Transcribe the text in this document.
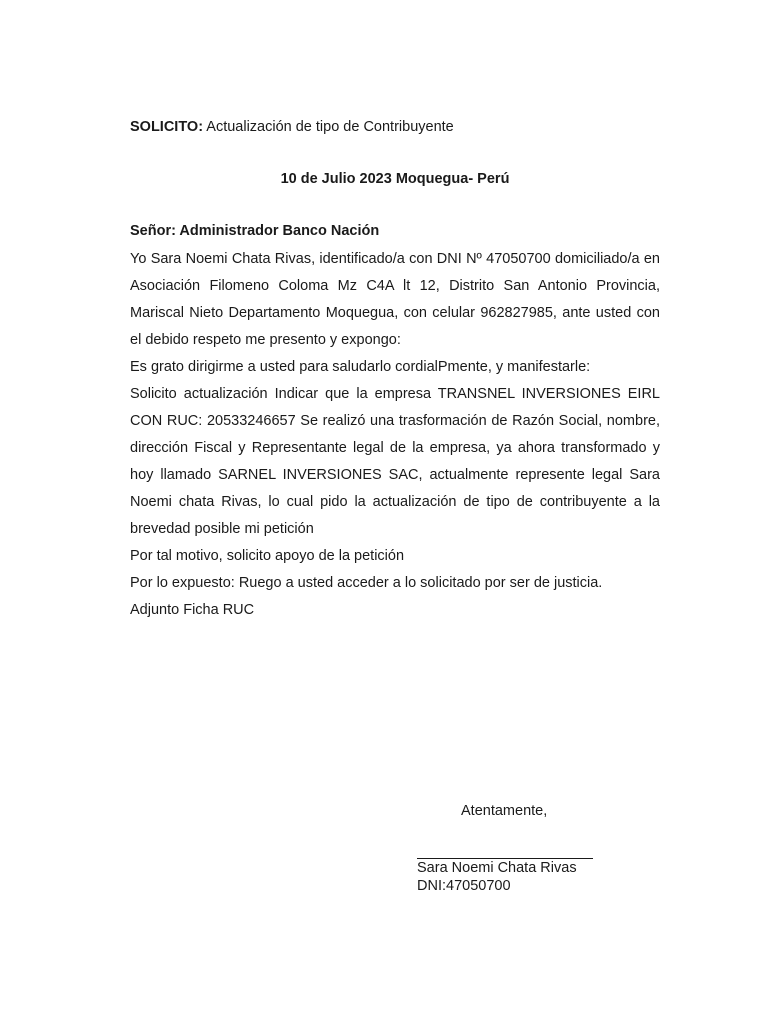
SOLICITO: Actualización de tipo de Contribuyente
10 de Julio 2023 Moquegua- Perú
Señor: Administrador Banco Nación

Yo Sara Noemi Chata Rivas, identificado/a con DNI Nº 47050700 domiciliado/a en Asociación Filomeno Coloma Mz C4A lt 12, Distrito San Antonio Provincia, Mariscal Nieto Departamento Moquegua, con celular 962827985, ante usted con el debido respeto me presento y expongo:

Es grato dirigirme a usted para saludarlo cordialPmente, y manifestarle:

Solicito actualización Indicar que la empresa TRANSNEL INVERSIONES EIRL CON RUC: 20533246657 Se realizó una trasformación de Razón Social, nombre, dirección Fiscal y Representante legal de la empresa, ya ahora transformado y hoy llamado SARNEL INVERSIONES SAC, actualmente represente legal Sara Noemi chata Rivas, lo cual pido la actualización de tipo de contribuyente a la brevedad posible mi petición

Por tal motivo, solicito apoyo de la petición

Por lo expuesto: Ruego a usted acceder a lo solicitado por ser de justicia.

Adjunto Ficha RUC

Atentamente,
Sara Noemi Chata Rivas
DNI:47050700
